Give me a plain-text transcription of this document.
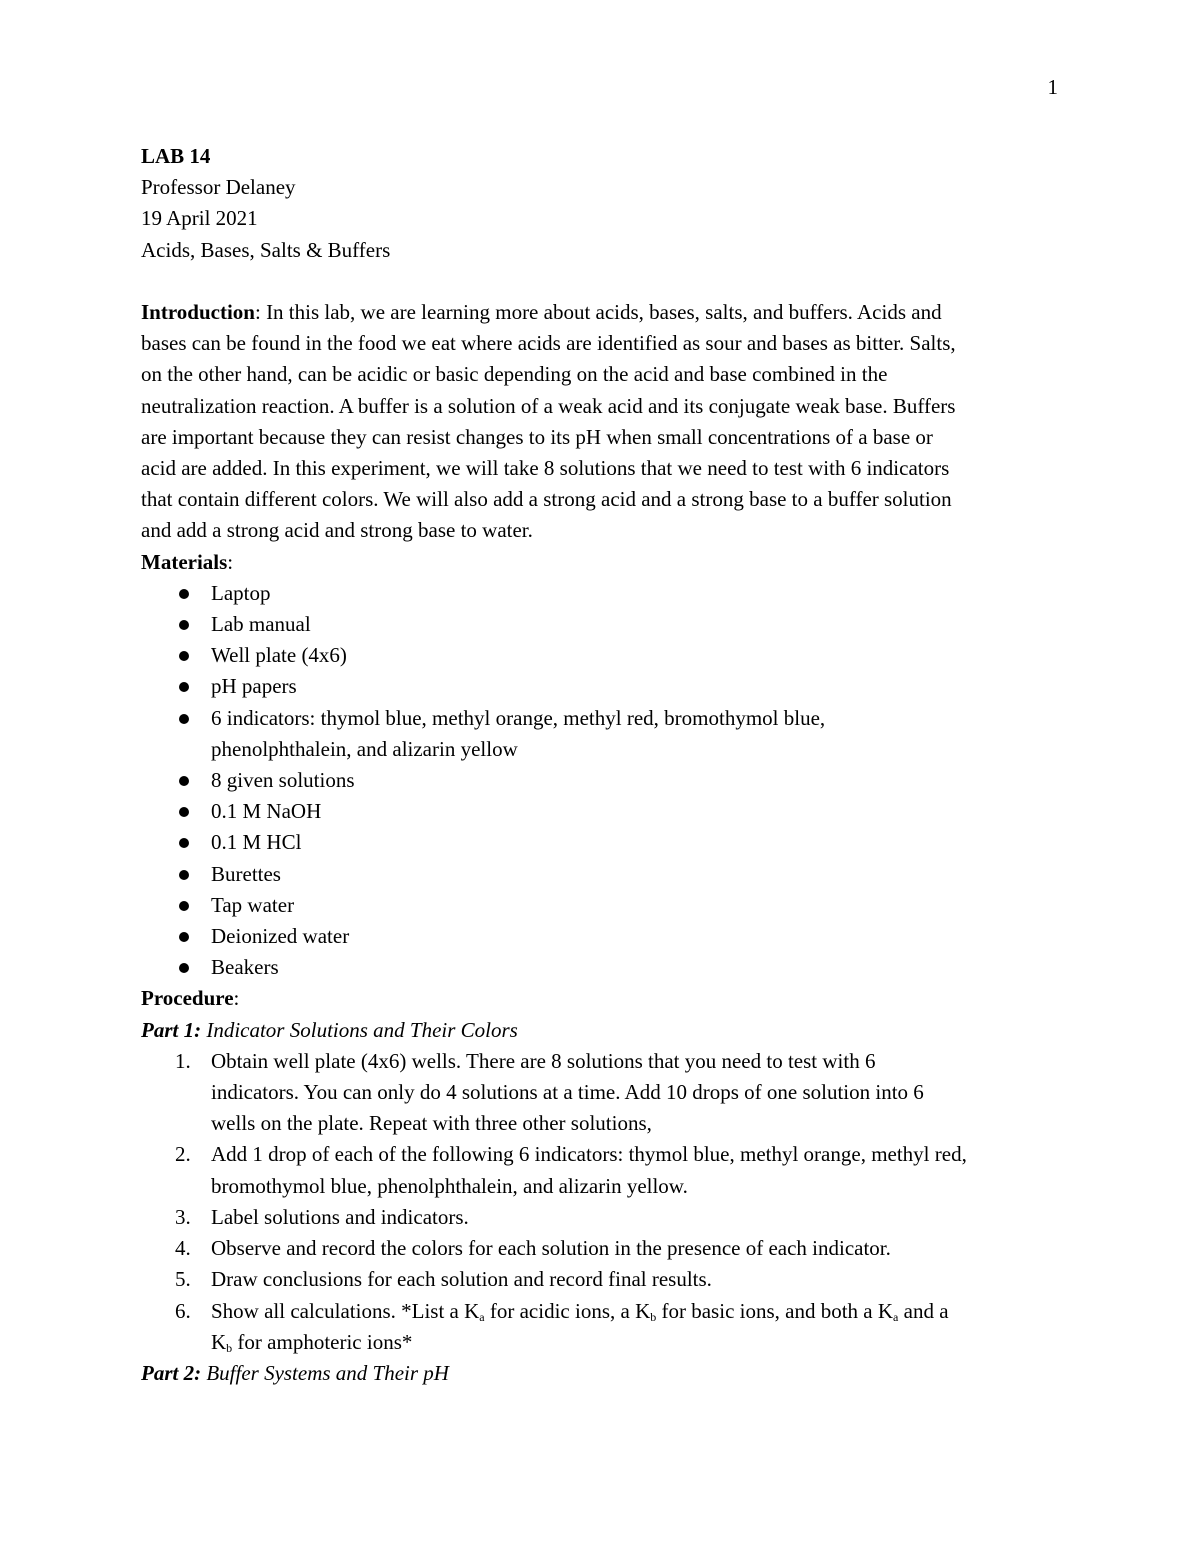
1

LAB 14

Professor Delaney

19 April 2021

Acids, Bases, Salts & Buffers

Introduction: In this lab, we are learning more about acids, bases, salts, and buffers. Acids and

bases can be found in the food we eat where acids are identified as sour and bases as bitter. Salts,

on the other hand, can be acidic or basic depending on the acid and base combined in the

neutralization reaction. A buffer is a solution of a weak acid and its conjugate weak base. Buffers

are important because they can resist changes to its pH when small concentrations of a base or

acid are added. In this experiment, we will take 8 solutions that we need to test with 6 indicators

that contain different colors. We will also add a strong acid and a strong base to a buffer solution

and add a strong acid and strong base to water.

Materials:

Laptop
Lab manual
Well plate (4x6)
pH papers
6 indicators: thymol blue, methyl orange, methyl red, bromothymol blue,
phenolphthalein, and alizarin yellow
8 given solutions
0.1 M NaOH
0.1 M HCl
Burettes
Tap water
Deionized water
Beakers

Procedure:

Part 1: Indicator Solutions and Their Colors

1. Obtain well plate (4x6) wells. There are 8 solutions that you need to test with 6
indicators. You can only do 4 solutions at a time. Add 10 drops of one solution into 6
wells on the plate. Repeat with three other solutions,
2. Add 1 drop of each of the following 6 indicators: thymol blue, methyl orange, methyl red,
bromothymol blue, phenolphthalein, and alizarin yellow.
3. Label solutions and indicators.
4. Observe and record the colors for each solution in the presence of each indicator.
5. Draw conclusions for each solution and record final results.
6. Show all calculations. *List a $K_a$ for acidic ions, a $K_b$ for basic ions, and both a $K_a$ and a
$K_b$ for amphoteric ions*

Part 2: Buffer Systems and Their pH
